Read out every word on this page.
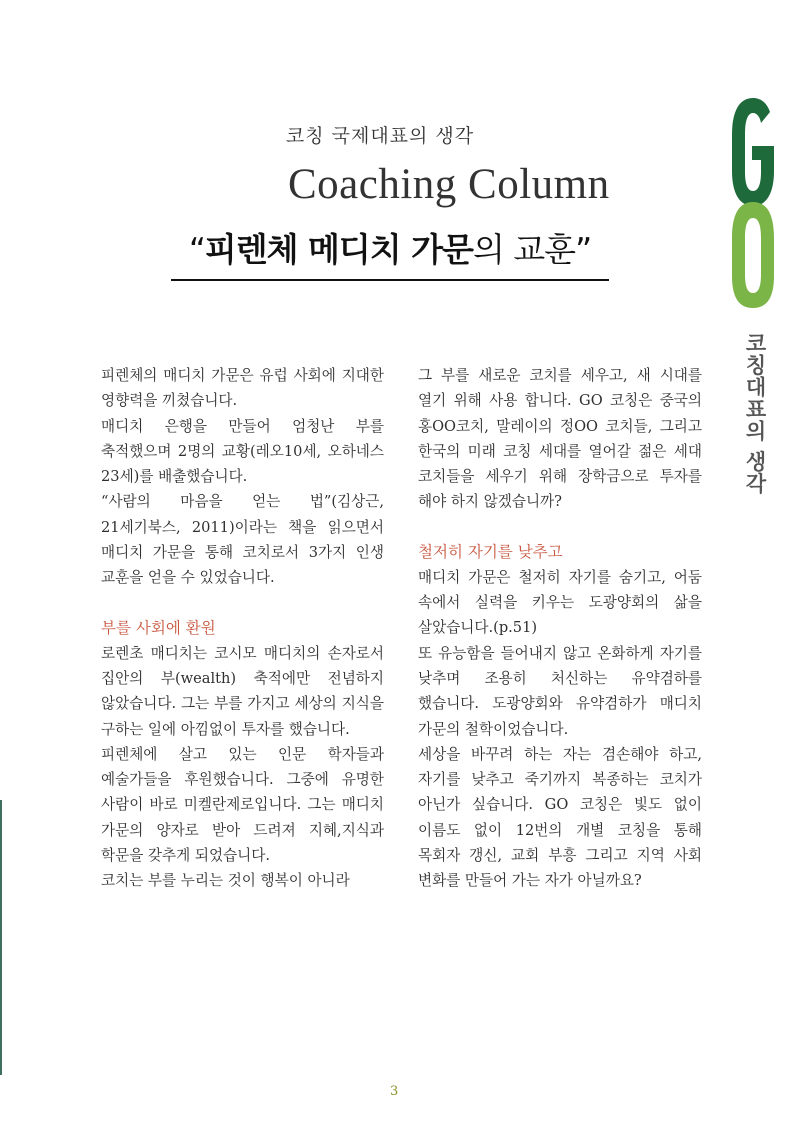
코칭 국제대표의 생각
Coaching Column
“피렌체 메디치 가문의 교훈”
코칭대표의 생각

피렌체의 매디치 가문은 유럽 사회에 지대한 영향력을 끼쳤습니다.

매디치 은행을 만들어 엄청난 부를 축적했으며 2명의 교황(레오10세, 오하네스 23세)를 배출했습니다.

“사람의 마음을 얻는 법”(김상근, 21세기북스, 2011)이라는 책을 읽으면서 매디치 가문을 통해 코치로서 3가지 인생 교훈을 얻을 수 있었습니다.

부를 사회에 환원

로렌초 매디치는 코시모 매디치의 손자로서 집안의 부(wealth) 축적에만 전념하지 않았습니다. 그는 부를 가지고 세상의 지식을 구하는 일에 아낌없이 투자를 했습니다.

피렌체에 살고 있는 인문 학자들과 예술가들을 후원했습니다. 그중에 유명한 사람이 바로 미켈란제로입니다. 그는 매디치 가문의 양자로 받아 드려져 지혜,지식과 학문을 갖추게 되었습니다.

코치는 부를 누리는 것이 행복이 아니라

그 부를 새로운 코치를 세우고, 새 시대를 열기 위해 사용 합니다. GO 코칭은 중국의 홍OO코치, 말레이의 정OO 코치들, 그리고 한국의 미래 코칭 세대를 열어갈 젊은 세대 코치들을 세우기 위해 장학금으로 투자를 해야 하지 않겠습니까?

철저히 자기를 낮추고

매디치 가문은 철저히 자기를 숨기고, 어둠 속에서 실력을 키우는 도광양회의 삶을 살았습니다.(p.51)

또 유능함을 들어내지 않고 온화하게 자기를 낮추며 조용히 처신하는 유약겸하를 했습니다. 도광양회와 유약겸하가 매디치 가문의 철학이었습니다.

세상을 바꾸려 하는 자는 겸손해야 하고, 자기를 낮추고 죽기까지 복종하는 코치가 아닌가 싶습니다. GO 코칭은 빛도 없이 이름도 없이 12번의 개별 코칭을 통해 목회자 갱신, 교회 부흥 그리고 지역 사회 변화를 만들어 가는 자가 아닐까요?

3
